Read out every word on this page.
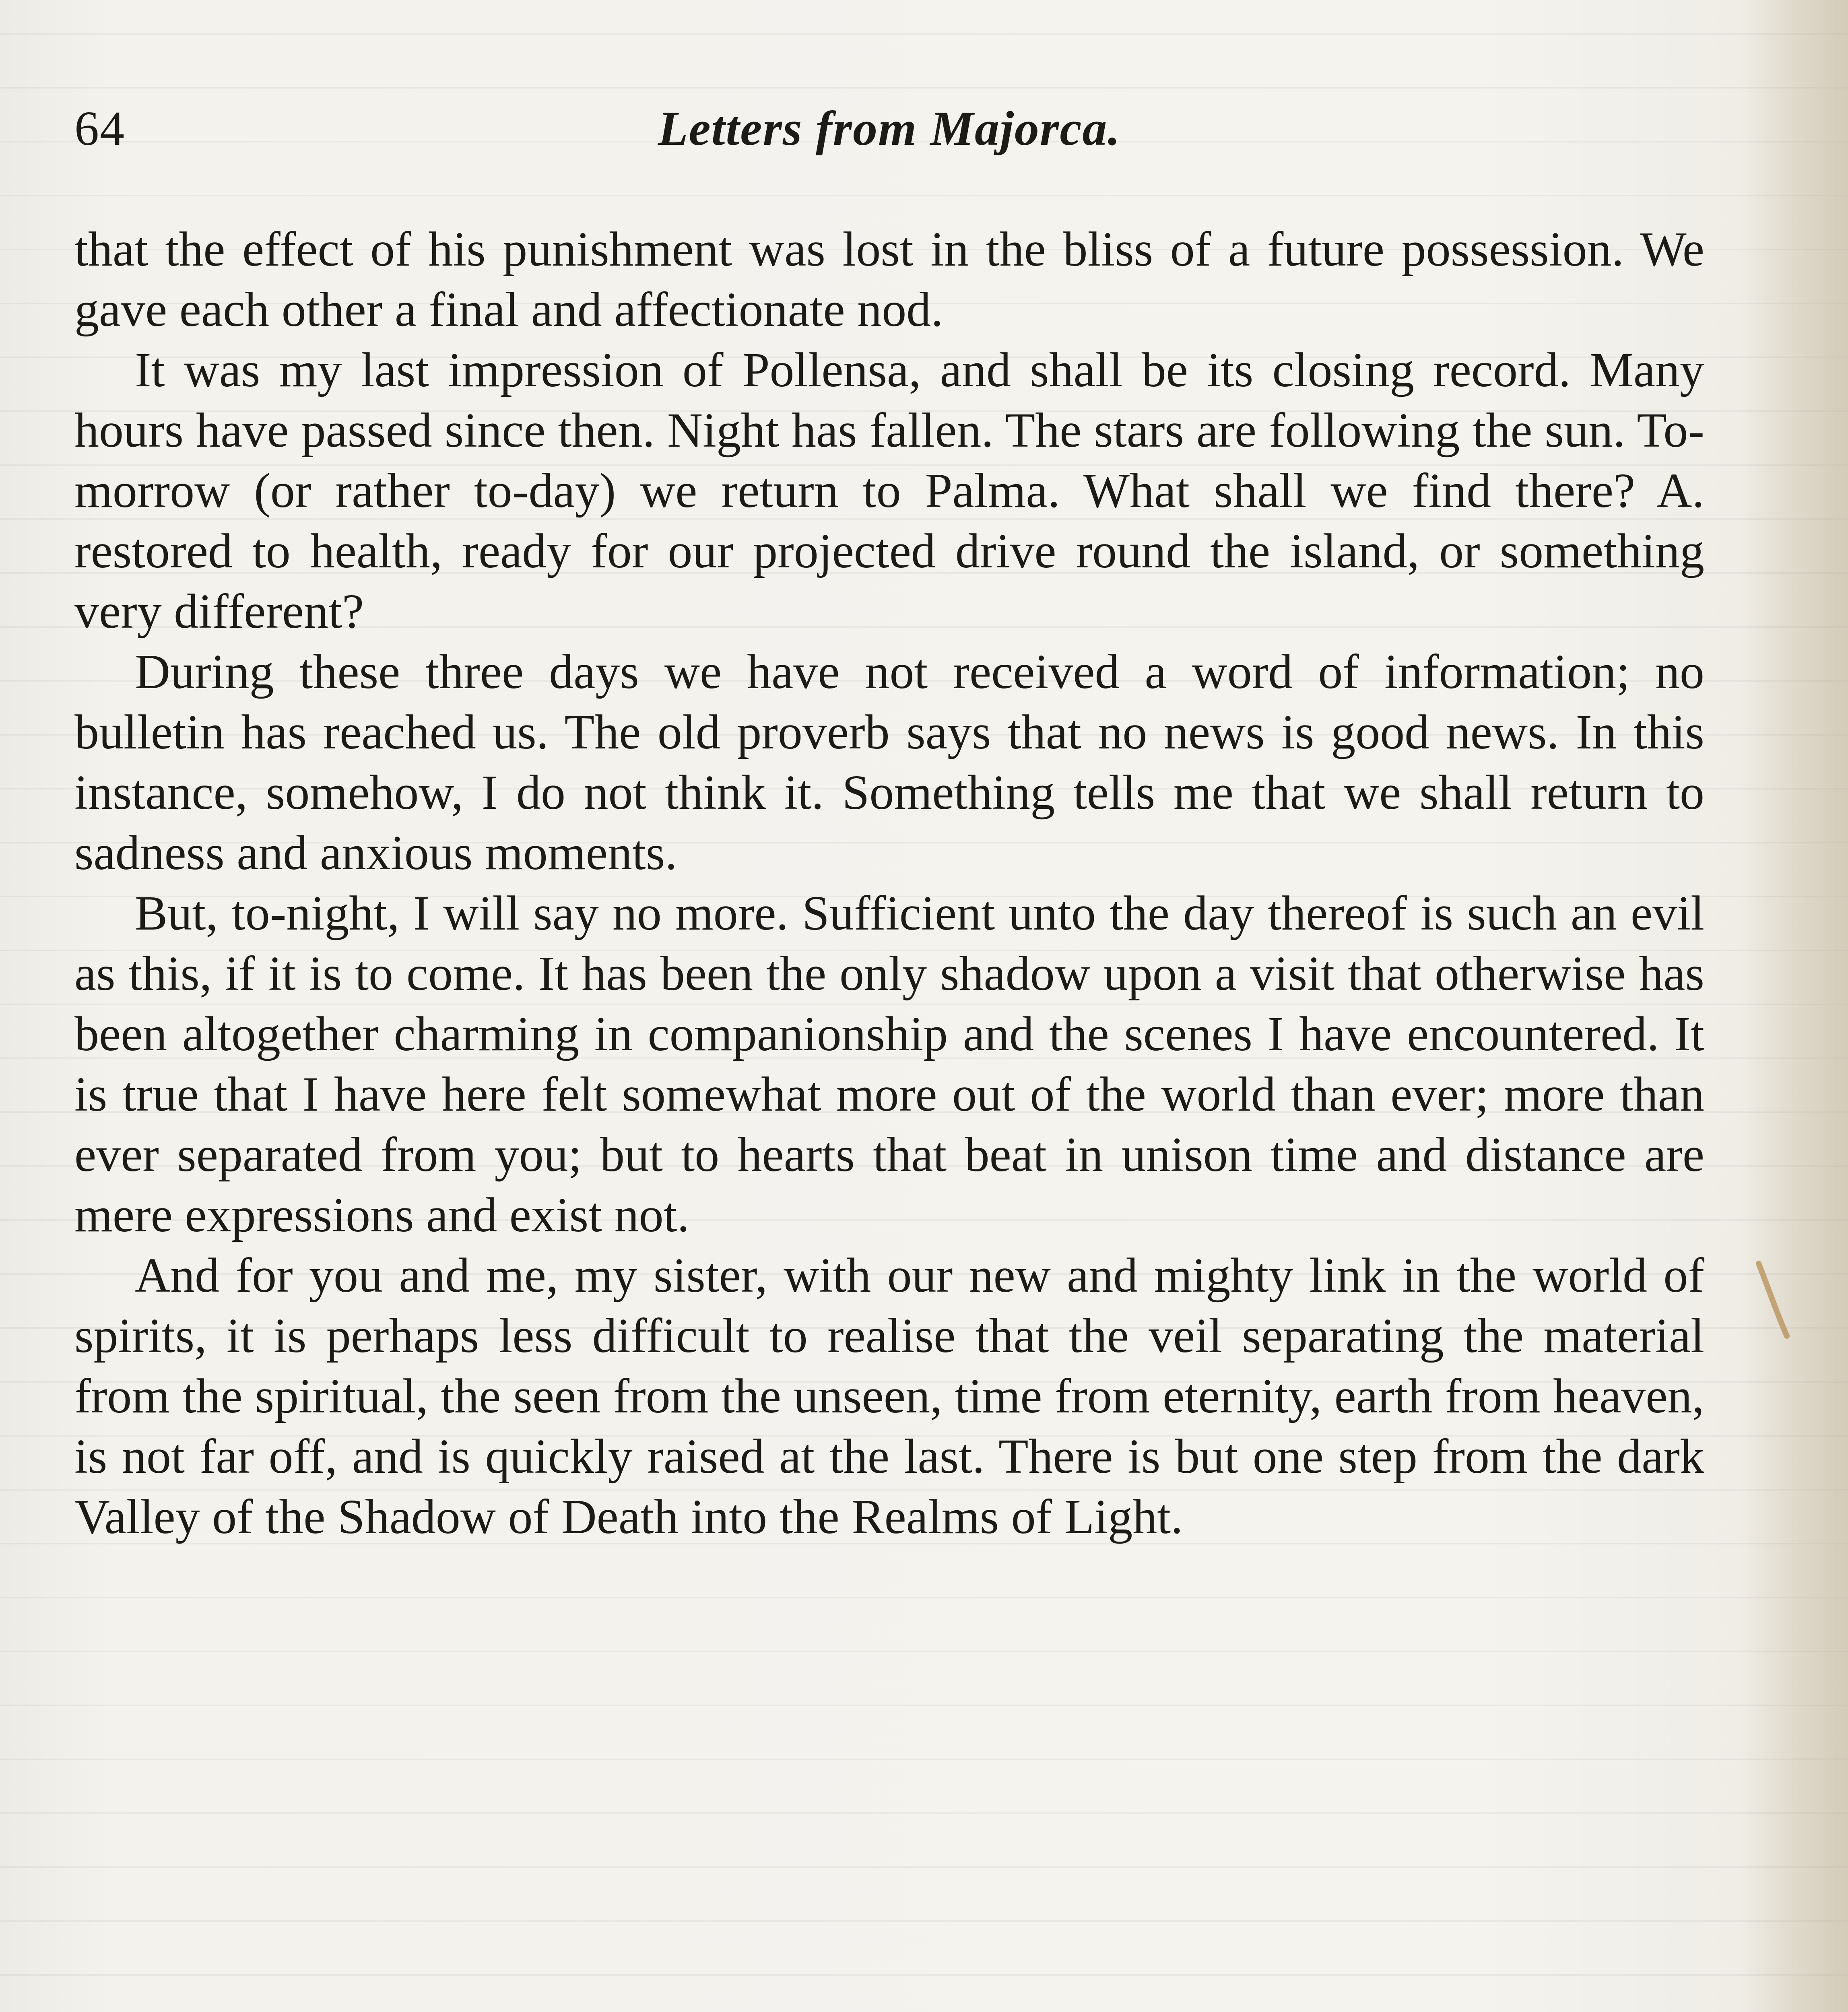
64	Letters from Majorca.

that the effect of his punishment was lost in the bliss of a future possession. We gave each other a final and affectionate nod.

It was my last impression of Pollensa, and shall be its closing record. Many hours have passed since then. Night has fallen. The stars are following the sun. To-morrow (or rather to-day) we return to Palma. What shall we find there? A. restored to health, ready for our projected drive round the island, or something very different?

During these three days we have not received a word of information; no bulletin has reached us. The old proverb says that no news is good news. In this instance, somehow, I do not think it. Something tells me that we shall return to sadness and anxious moments.

But, to-night, I will say no more. Sufficient unto the day thereof is such an evil as this, if it is to come. It has been the only shadow upon a visit that otherwise has been altogether charming in companionship and the scenes I have encountered. It is true that I have here felt somewhat more out of the world than ever; more than ever separated from you; but to hearts that beat in unison time and distance are mere expressions and exist not.

And for you and me, my sister, with our new and mighty link in the world of spirits, it is perhaps less difficult to realise that the veil separating the material from the spiritual, the seen from the unseen, time from eternity, earth from heaven, is not far off, and is quickly raised at the last. There is but one step from the dark Valley of the Shadow of Death into the Realms of Light.
